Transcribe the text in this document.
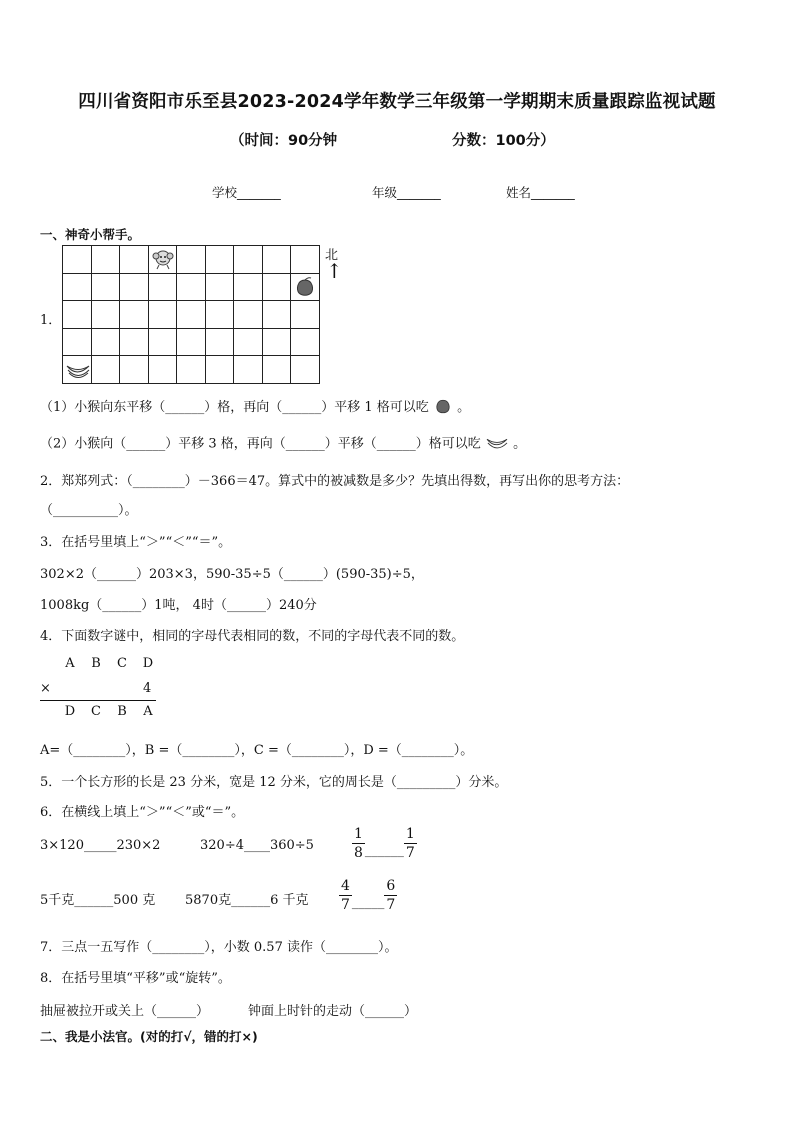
四川省资阳市乐至县2023-2024学年数学三年级第一学期期末质量跟踪监视试题
（时间：90分钟	分数：100分）
学校_______	年级_______	姓名_______
一、神奇小帮手。
1．

北
↑
（1）小猴向东平移（______）格，再向（______）平移 1 格可以吃 。
（2）小猴向（______）平移 3 格，再向（______）平移（______）格可以吃 。
2．郑郑列式：（________）－366＝47。算式中的被减数是多少？先填出得数，再写出你的思考方法：
（__________）。
3．在括号里填上“＞”“＜”“＝”。
302×2（______）203×3，590-35÷5（______）(590-35)÷5，
1008kg（______）1吨， 4时（______）240分
4．下面数字谜中，相同的字母代表相同的数，不同的字母代表不同的数。
A B C D
×	4
D C B A
A=（________），B =（________），C =（________），D =（________）。
5．一个长方形的长是 23 分米，宽是 12 分米，它的周长是（_________）分米。
6．在横线上填上“＞”“＜”或“＝”。
3×120_____230×2	320÷4____360÷5	$\frac{1}{8} _{\_\_\_\_\_\_} \frac{1}{7}$
5千克______500 克 5870克______6 千克 $\frac{4}{7} _{\_\_\_\_\_} \frac{6}{7}$
7．三点一五写作（________），小数 0.57 读作（________）。
8．在括号里填“平移”或“旋转”。
抽屉被拉开或关上（______）	钟面上时针的走动（______）
二、我是小法官。(对的打√，错的打×)
